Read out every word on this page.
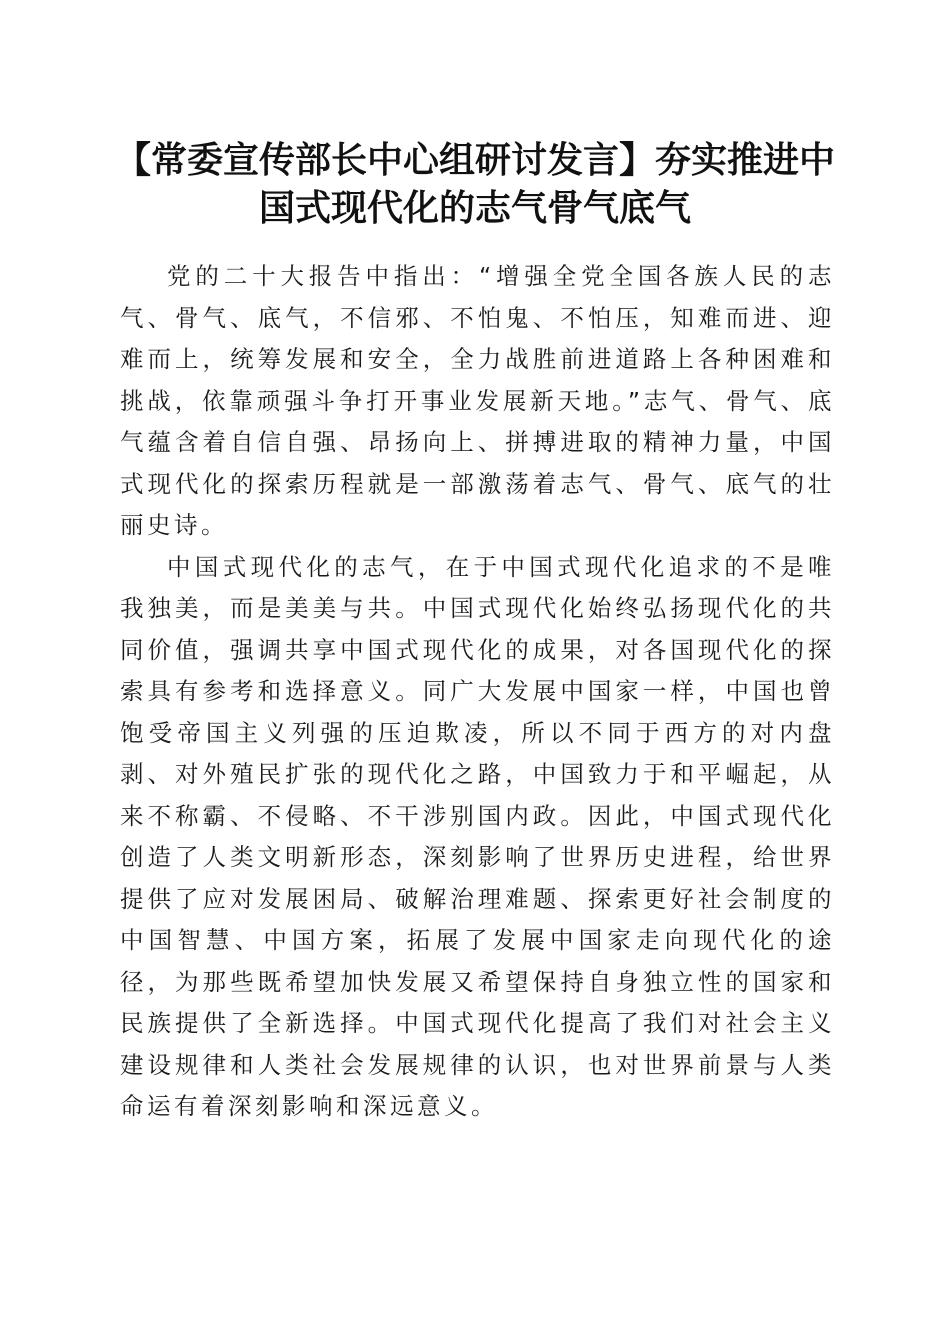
【常委宣传部长中心组研讨发言】夯实推进中国式现代化的志气骨气底气

党的二十大报告中指出：“增强全党全国各族人民的志气、骨气、底气，不信邪、不怕鬼、不怕压，知难而进、迎难而上，统筹发展和安全，全力战胜前进道路上各种困难和挑战，依靠顽强斗争打开事业发展新天地。”志气、骨气、底气蕴含着自信自强、昂扬向上、拼搏进取的精神力量，中国式现代化的探索历程就是一部激荡着志气、骨气、底气的壮丽史诗。

中国式现代化的志气，在于中国式现代化追求的不是唯我独美，而是美美与共。中国式现代化始终弘扬现代化的共同价值，强调共享中国式现代化的成果，对各国现代化的探索具有参考和选择意义。同广大发展中国家一样，中国也曾饱受帝国主义列强的压迫欺凌，所以不同于西方的对内盘剥、对外殖民扩张的现代化之路，中国致力于和平崛起，从来不称霸、不侵略、不干涉别国内政。因此，中国式现代化创造了人类文明新形态，深刻影响了世界历史进程，给世界提供了应对发展困局、破解治理难题、探索更好社会制度的中国智慧、中国方案，拓展了发展中国家走向现代化的途径，为那些既希望加快发展又希望保持自身独立性的国家和民族提供了全新选择。中国式现代化提高了我们对社会主义建设规律和人类社会发展规律的认识，也对世界前景与人类命运有着深刻影响和深远意义。
